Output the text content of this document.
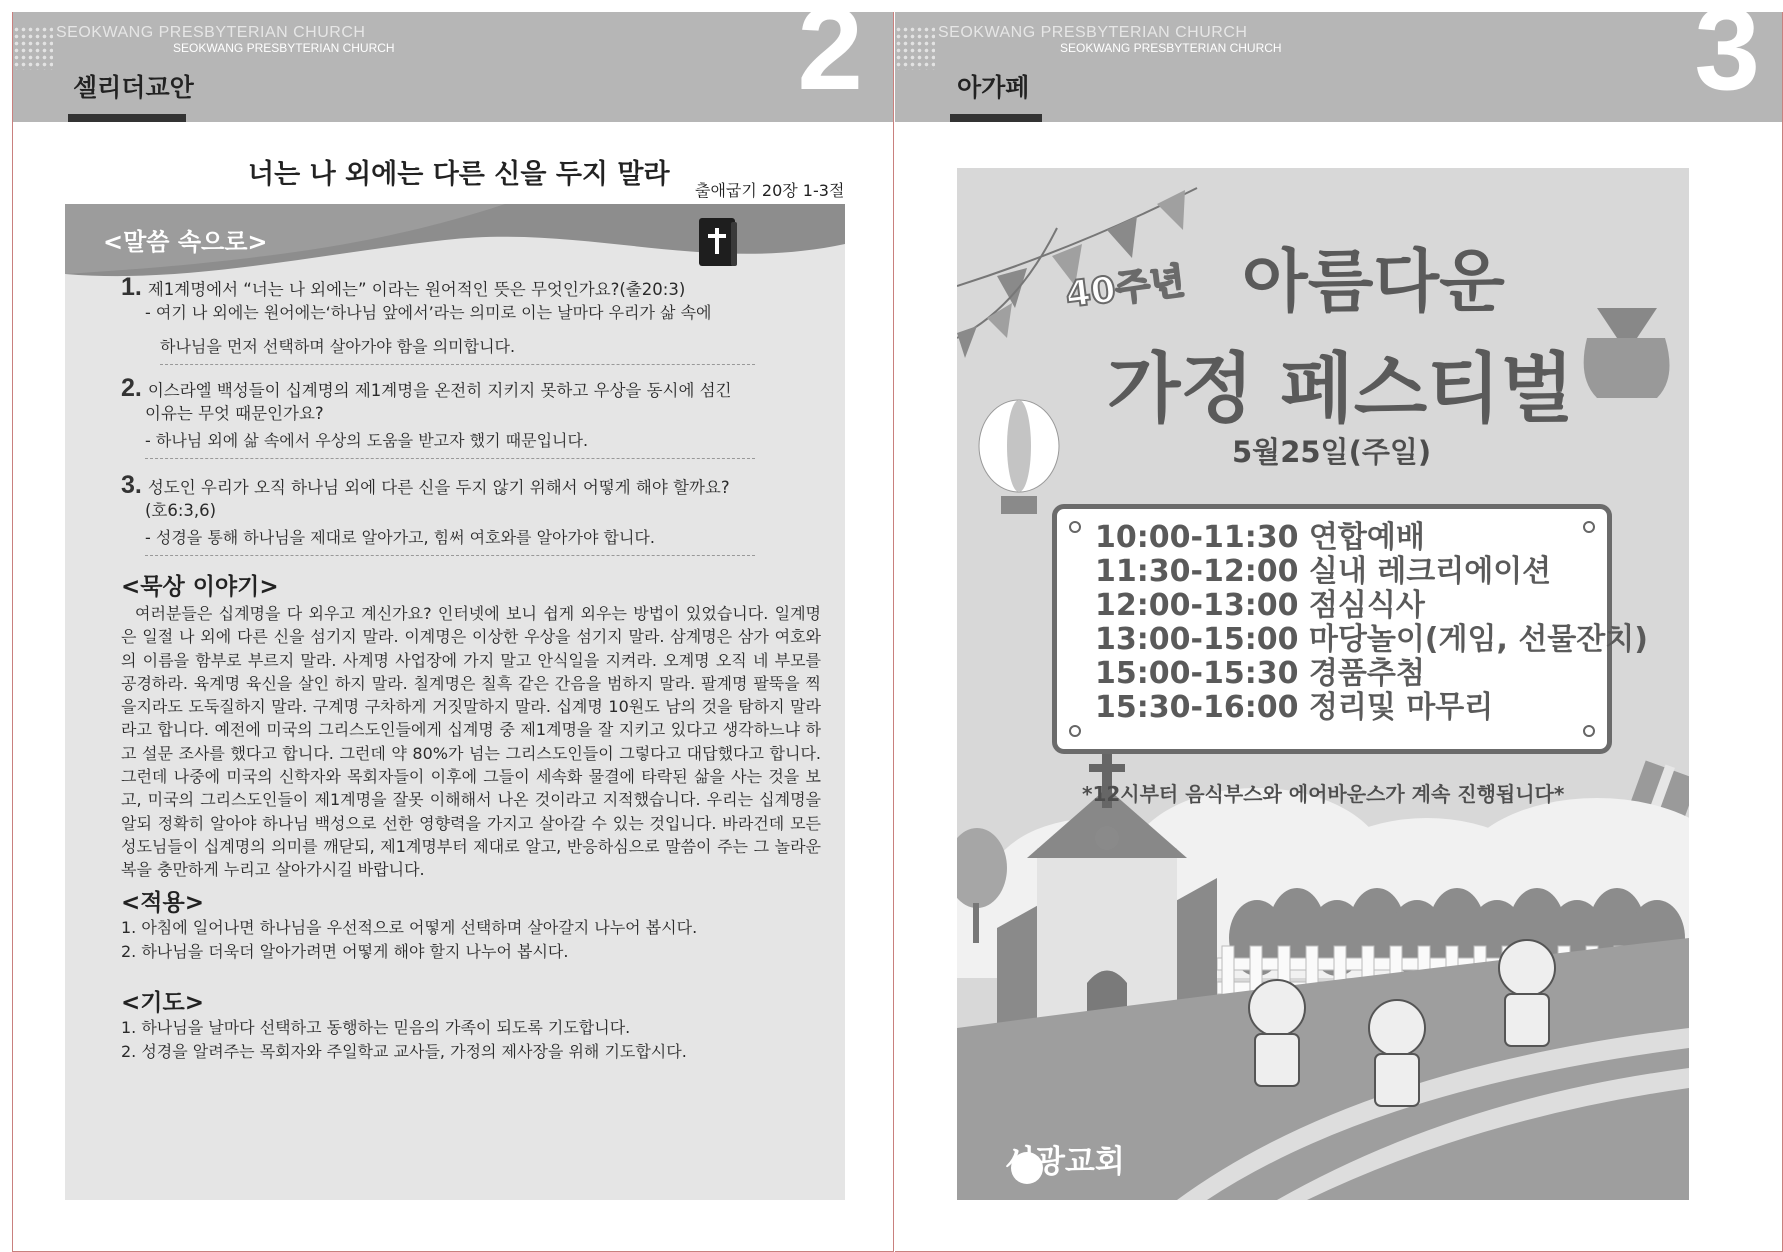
SEOKWANG PRESBYTERIAN CHURCH
SEOKWANG PRESBYTERIAN CHURCH
셀리더교안	2
너는 나 외에는 다른 신을 두지 말라
출애굽기 20장 1-3절
<말씀 속으로>
1. 제1계명에서 “너는 나 외에는” 이라는 원어적인 뜻은 무엇인가요?(출20:3)
- 여기 나 외에는 원어에는‘하나님 앞에서’라는 의미로 이는 날마다 우리가 삶 속에
하나님을 먼저 선택하며 살아가야 함을 의미합니다.
2. 이스라엘 백성들이 십계명의 제1계명을 온전히 지키지 못하고 우상을 동시에 섬긴
이유는 무엇 때문인가요?
- 하나님 외에 삶 속에서 우상의 도움을 받고자 했기 때문입니다.
3. 성도인 우리가 오직 하나님 외에 다른 신을 두지 않기 위해서 어떻게 해야 할까요?
(호6:3,6)
- 성경을 통해 하나님을 제대로 알아가고, 힘써 여호와를 알아가야 합니다.
<묵상 이야기>
여러분들은 십계명을 다 외우고 계신가요? 인터넷에 보니 쉽게 외우는 방법이 있었습니다. 일계명은 일절 나 외에 다른 신을 섬기지 말라. 이계명은 이상한 우상을 섬기지 말라. 삼계명은 삼가 여호와의 이름을 함부로 부르지 말라. 사계명 사업장에 가지 말고 안식일을 지켜라. 오계명 오직 네 부모를 공경하라. 육계명 육신을 살인 하지 말라. 칠계명은 칠흑 같은 간음을 범하지 말라. 팔계명 팔뚝을 찍을지라도 도둑질하지 말라. 구계명 구차하게 거짓말하지 말라. 십계명 10원도 남의 것을 탐하지 말라라고 합니다. 예전에 미국의 그리스도인들에게 십계명 중 제1계명을 잘 지키고 있다고 생각하느냐 하고 설문 조사를 했다고 합니다. 그런데 약 80%가 넘는 그리스도인들이 그렇다고 대답했다고 합니다. 그런데 나중에 미국의 신학자와 목회자들이 이후에 그들이 세속화 물결에 타락된 삶을 사는 것을 보고, 미국의 그리스도인들이 제1계명을 잘못 이해해서 나온 것이라고 지적했습니다. 우리는 십계명을 알되 정확히 알아야 하나님 백성으로 선한 영향력을 가지고 살아갈 수 있는 것입니다. 바라건데 모든 성도님들이 십계명의 의미를 깨닫되, 제1계명부터 제대로 알고, 반응하심으로 말씀이 주는 그 놀라운 복을 충만하게 누리고 살아가시길 바랍니다.
<적용>
1. 아침에 일어나면 하나님을 우선적으로 어떻게 선택하며 살아갈지 나누어 봅시다.
2. 하나님을 더욱더 알아가려면 어떻게 해야 할지 나누어 봅시다.
<기도>
1. 하나님을 날마다 선택하고 동행하는 믿음의 가족이 되도록 기도합니다.
2. 성경을 알려주는 목회자와 주일학교 교사들, 가정의 제사장을 위해 기도합시다.
SEOKWANG PRESBYTERIAN CHURCH
SEOKWANG PRESBYTERIAN CHURCH
아가페	3
40주년 아름다운
가정 페스티벌
5월25일(주일)
10:00-11:30 연합예배
11:30-12:00 실내 레크리에이션
12:00-13:00 점심식사
13:00-15:00 마당놀이(게임, 선물잔치)
15:00-15:30 경품추첨
15:30-16:00 정리및 마무리
*12시부터 음식부스와 에어바운스가 계속 진행됩니다*
서광교회
